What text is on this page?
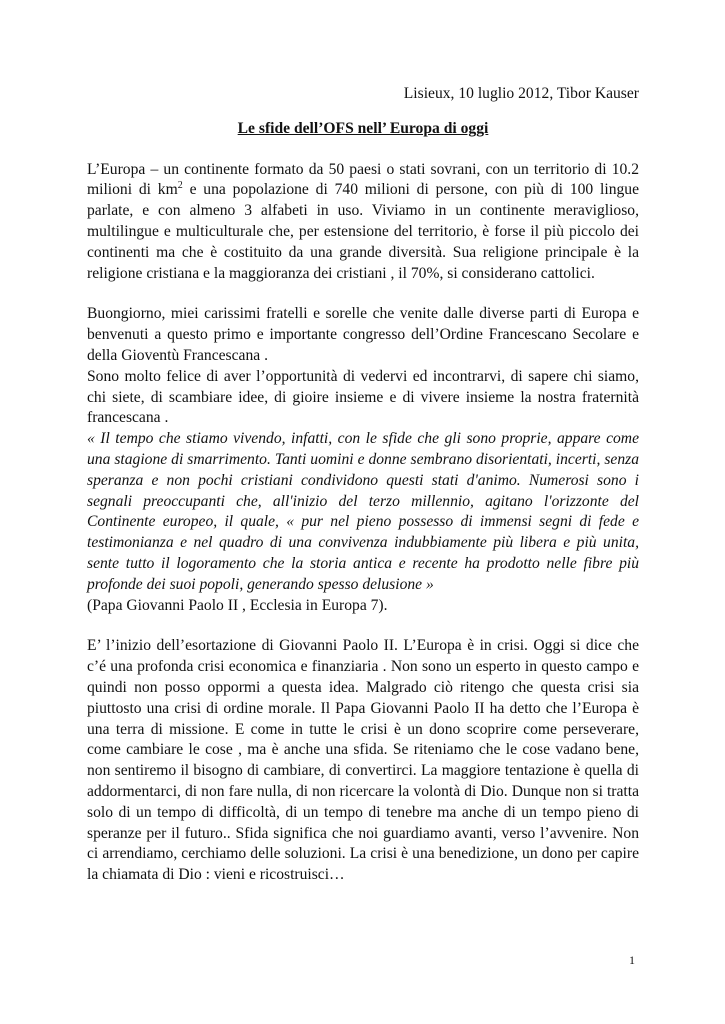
Lisieux, 10 luglio 2012, Tibor Kauser

Le sfide dell’OFS nell’ Europa di oggi

L’Europa – un continente formato da 50 paesi o stati sovrani, con un territorio di 10.2 milioni di $km^2$ e una popolazione di 740 milioni di persone, con più di 100 lingue parlate, e con almeno 3 alfabeti in uso. Viviamo in un continente meraviglioso, multilingue e multiculturale che, per estensione del territorio, è forse il più piccolo dei continenti ma che è costituito da una grande diversità. Sua religione principale è la religione cristiana e la maggioranza dei cristiani , il 70%, si considerano cattolici.

Buongiorno, miei carissimi fratelli e sorelle che venite dalle diverse parti di Europa e benvenuti a questo primo e importante congresso dell’Ordine Francescano Secolare e della Gioventù Francescana .

Sono molto felice di aver l’opportunità di vedervi ed incontrarvi, di sapere chi siamo, chi siete, di scambiare idee, di gioire insieme e di vivere insieme la nostra fraternità francescana .

« Il tempo che stiamo vivendo, infatti, con le sfide che gli sono proprie, appare come una stagione di smarrimento. Tanti uomini e donne sembrano disorientati, incerti, senza speranza e non pochi cristiani condividono questi stati d'animo. Numerosi sono i segnali preoccupanti che, all'inizio del terzo millennio, agitano l'orizzonte del Continente europeo, il quale, « pur nel pieno possesso di immensi segni di fede e testimonianza e nel quadro di una convivenza indubbiamente più libera e più unita, sente tutto il logoramento che la storia antica e recente ha prodotto nelle fibre più profonde dei suoi popoli, generando spesso delusione »

(Papa Giovanni Paolo II , Ecclesia in Europa 7).

E’ l’inizio dell’esortazione di Giovanni Paolo II. L’Europa è in crisi. Oggi si dice che c’é una profonda crisi economica e finanziaria . Non sono un esperto in questo campo e quindi non posso oppormi a questa idea. Malgrado ciò ritengo che questa crisi sia piuttosto una crisi di ordine morale. Il Papa Giovanni Paolo II ha detto che l’Europa è una terra di missione. E come in tutte le crisi è un dono scoprire come perseverare, come cambiare le cose , ma è anche una sfida. Se riteniamo che le cose vadano bene, non sentiremo il bisogno di cambiare, di convertirci. La maggiore tentazione è quella di addormentarci, di non fare nulla, di non ricercare la volontà di Dio. Dunque non si tratta solo di un tempo di difficoltà, di un tempo di tenebre ma anche di un tempo pieno di speranze per il futuro.. Sfida significa che noi guardiamo avanti, verso l’avvenire. Non ci arrendiamo, cerchiamo delle soluzioni. La crisi è una benedizione, un dono per capire la chiamata di Dio : vieni e ricostruisci…

1
